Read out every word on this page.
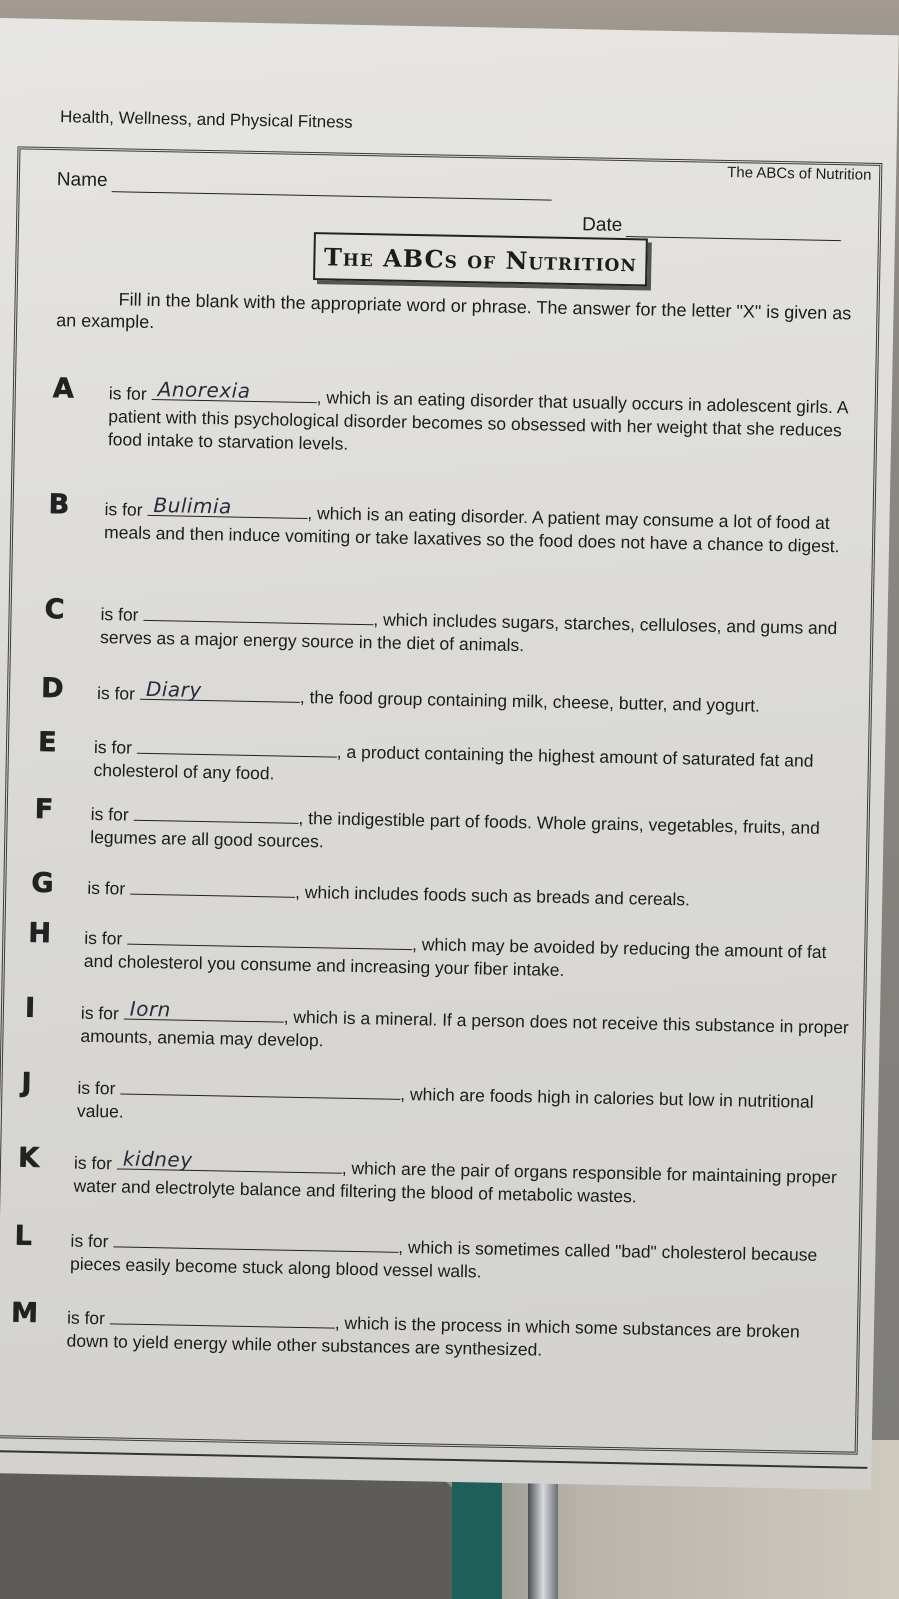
Health, Wellness, and Physical Fitness
The ABCs of Nutrition
Name
Date
The ABCs of Nutrition
Fill in the blank with the appropriate word or phrase. The answer for the letter "X" is given as an example.
A	is for Anorexia	, which is an eating disorder that usually occurs in adolescent girls. A patient with this psychological disorder becomes so obsessed with her weight that she reduces food intake to starvation levels.
B	is for Bulimia	, which is an eating disorder. A patient may consume a lot of food at meals and then induce vomiting or take laxatives so the food does not have a chance to digest.
C	is for	, which includes sugars, starches, celluloses, and gums and serves as a major energy source in the diet of animals.
D	is for Diary	, the food group containing milk, cheese, butter, and yogurt.
E	is for	, a product containing the highest amount of saturated fat and cholesterol of any food.
F	is for	, the indigestible part of foods. Whole grains, vegetables, fruits, and legumes are all good sources.
G	is for	, which includes foods such as breads and cereals.
H	is for	, which may be avoided by reducing the amount of fat and cholesterol you consume and increasing your fiber intake.
I	is for Iorn	, which is a mineral. If a person does not receive this substance in proper amounts, anemia may develop.
J	is for	, which are foods high in calories but low in nutritional value.
K	is for kidney	, which are the pair of organs responsible for maintaining proper water and electrolyte balance and filtering the blood of metabolic wastes.
L	is for	, which is sometimes called "bad" cholesterol because pieces easily become stuck along blood vessel walls.
M	is for	, which is the process in which some substances are broken down to yield energy while other substances are synthesized.
